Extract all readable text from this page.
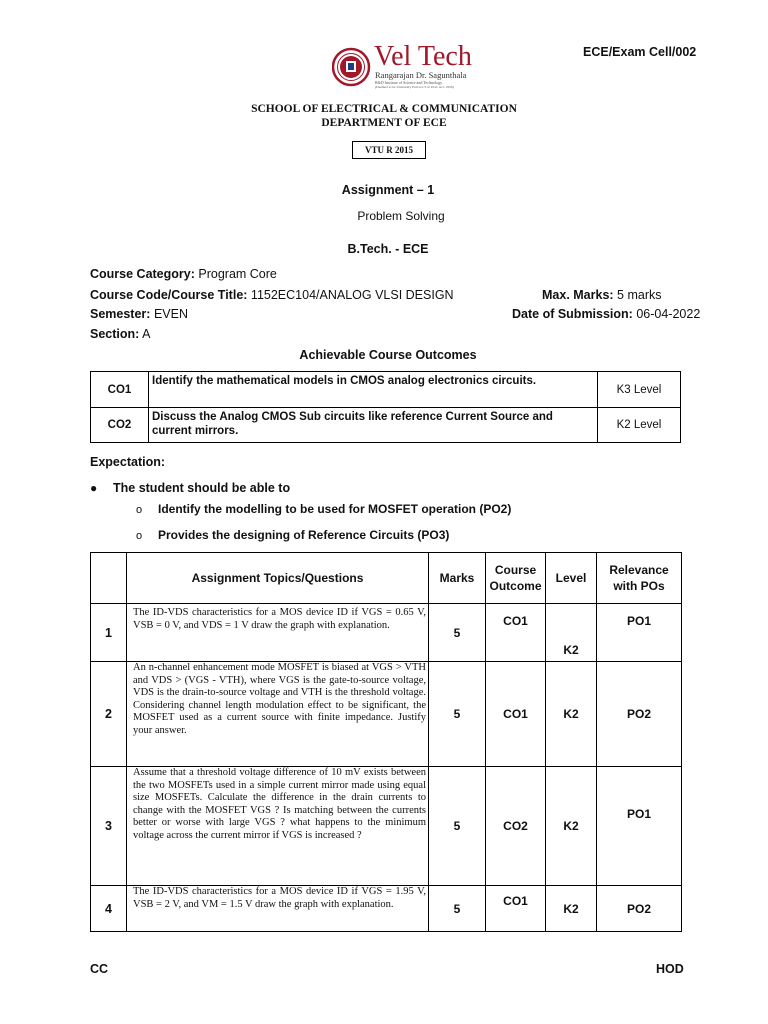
Vel Tech
Rangarajan Dr. Sagunthala
R&D Institute of Science and Technology
(Deemed to be University Estd u/s 3 of UGC Act, 1956)
ECE/Exam Cell/002
SCHOOL OF ELECTRICAL & COMMUNICATION
DEPARTMENT OF ECE
VTU R 2015
Assignment – 1
Problem Solving
B.Tech. - ECE
Course Category: Program Core
Course Code/Course Title: 1152EC104/ANALOG VLSI DESIGN
Semester: EVEN
Section: A
Max. Marks: 5 marks
Date of Submission: 06-04-2022
Achievable Course Outcomes
CO1	Identify the mathematical models in CMOS analog electronics circuits.	K3 Level
CO2	Discuss the Analog CMOS Sub circuits like reference Current Source and current mirrors.	K2 Level
Expectation:
● The student should be able to
o Identify the modelling to be used for MOSFET operation (PO2)
o Provides the designing of Reference Circuits (PO3)
	Assignment Topics/Questions	Marks	Course Outcome	Level	Relevance with POs
1	The ID-VDS characteristics for a MOS device ID if VGS = 0.65 V, VSB = 0 V, and VDS = 1 V draw the graph with explanation.	5	CO1	K2	PO1
2	An n-channel enhancement mode MOSFET is biased at VGS > VTH and VDS > (VGS - VTH), where VGS is the gate-to-source voltage, VDS is the drain-to-source voltage and VTH is the threshold voltage. Considering channel length modulation effect to be significant, the MOSFET used as a current source with finite impedance. Justify your answer.	5	CO1	K2	PO2
3	Assume that a threshold voltage difference of 10 mV exists between the two MOSFETs used in a simple current mirror made using equal size MOSFETs. Calculate the difference in the drain currents to change with the MOSFET VGS ? Is matching between the currents better or worse with large VGS ? what happens to the minimum voltage across the current mirror if VGS is increased ?	5	CO2	K2	PO1
4	The ID-VDS characteristics for a MOS device ID if VGS = 1.95 V, VSB = 2 V, and VM = 1.5 V draw the graph with explanation.	5	CO1	K2	PO2
CC	HOD
